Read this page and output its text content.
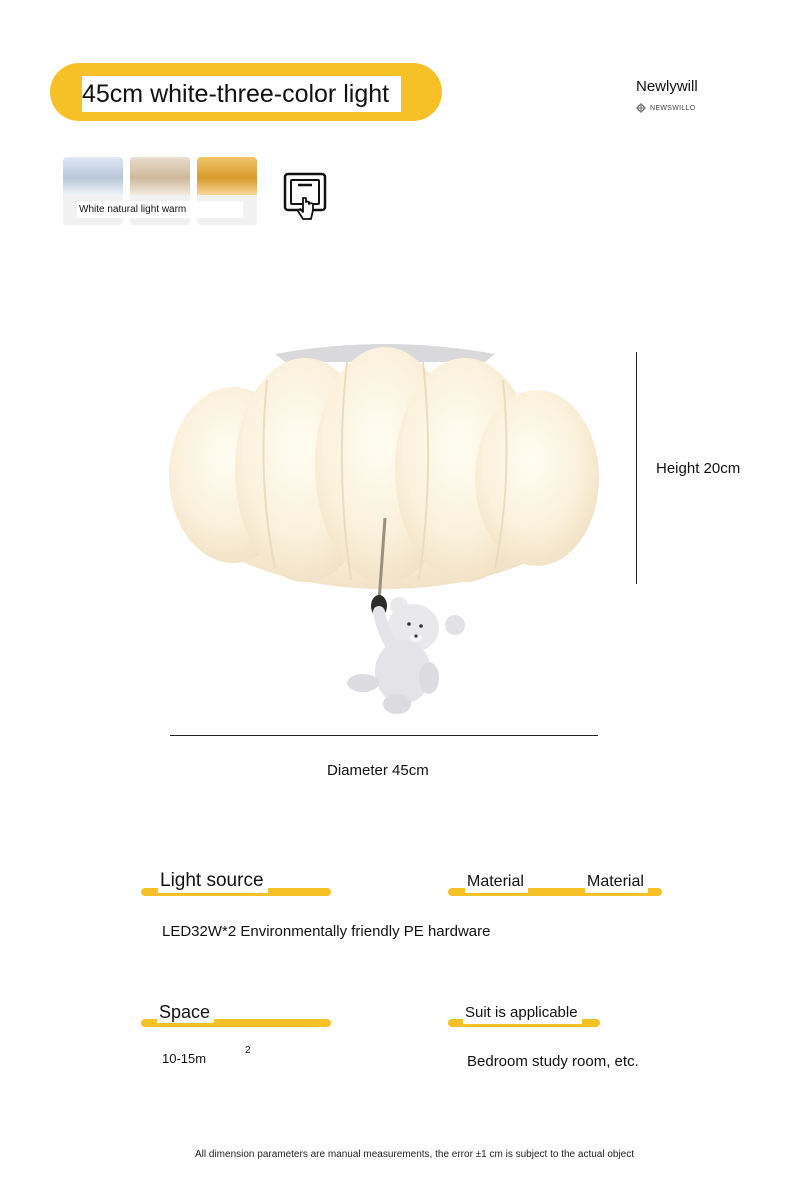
45cm white-three-color light	Newlywill
NEWSWILLO
White natural light warm
Height 20cm
Diameter 45cm
Light source	Material	Material
LED32W*2 Environmentally friendly PE hardware
Space	Suit is applicable
10-15m
2
Bedroom study room, etc.
All dimension parameters are manual measurements, the error ±1 cm is subject to the actual object
